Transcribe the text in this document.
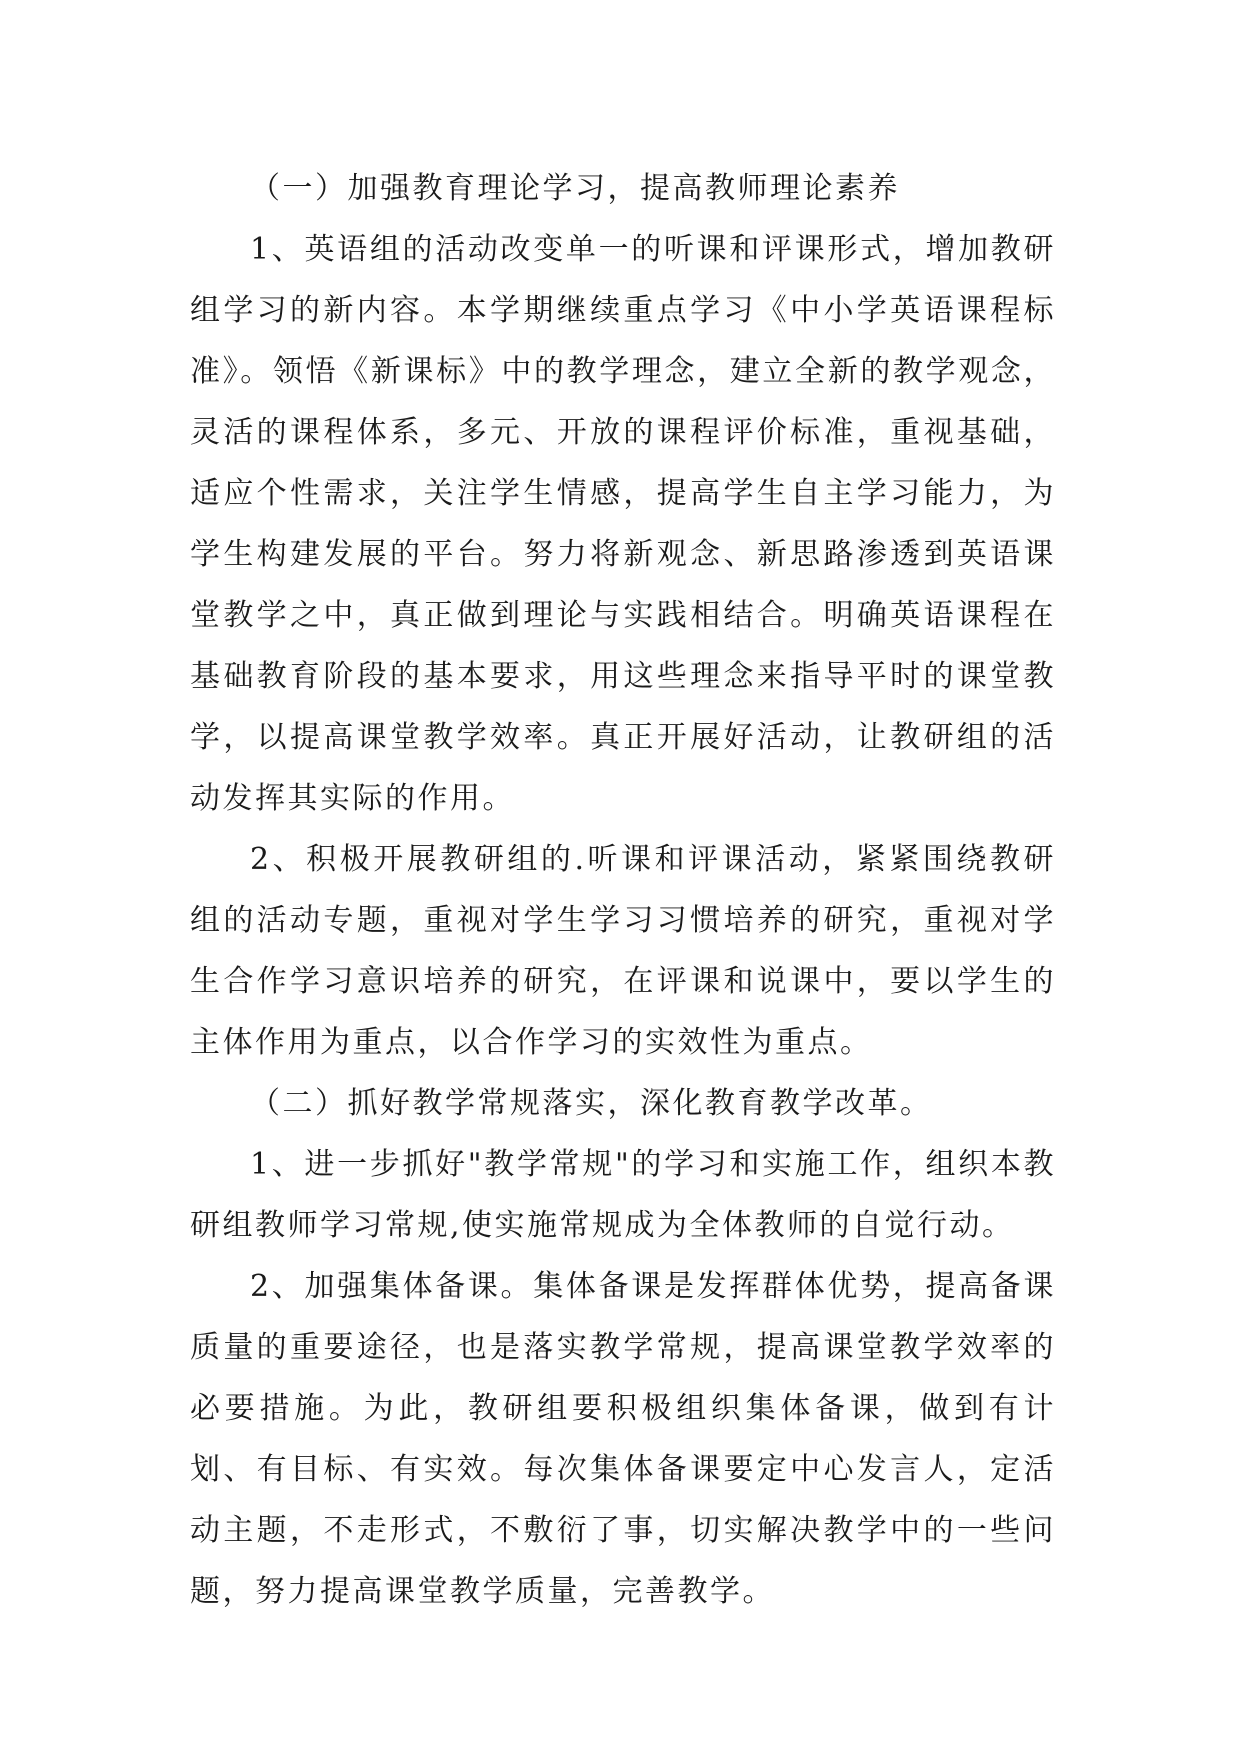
（一）加强教育理论学习，提高教师理论素养

1、英语组的活动改变单一的听课和评课形式，增加教研组学习的新内容。本学期继续重点学习《中小学英语课程标准》。领悟《新课标》中的教学理念，建立全新的教学观念，灵活的课程体系，多元、开放的课程评价标准，重视基础，适应个性需求，关注学生情感，提高学生自主学习能力，为学生构建发展的平台。努力将新观念、新思路渗透到英语课堂教学之中，真正做到理论与实践相结合。明确英语课程在基础教育阶段的基本要求，用这些理念来指导平时的课堂教学，以提高课堂教学效率。真正开展好活动，让教研组的活动发挥其实际的作用。

2、积极开展教研组的.听课和评课活动，紧紧围绕教研组的活动专题，重视对学生学习习惯培养的研究，重视对学生合作学习意识培养的研究，在评课和说课中，要以学生的主体作用为重点，以合作学习的实效性为重点。

（二）抓好教学常规落实，深化教育教学改革。

1、进一步抓好"教学常规"的学习和实施工作，组织本教研组教师学习常规,使实施常规成为全体教师的自觉行动。

2、加强集体备课。集体备课是发挥群体优势，提高备课质量的重要途径，也是落实教学常规，提高课堂教学效率的必要措施。为此，教研组要积极组织集体备课，做到有计划、有目标、有实效。每次集体备课要定中心发言人，定活动主题，不走形式，不敷衍了事，切实解决教学中的一些问题，努力提高课堂教学质量，完善教学。
